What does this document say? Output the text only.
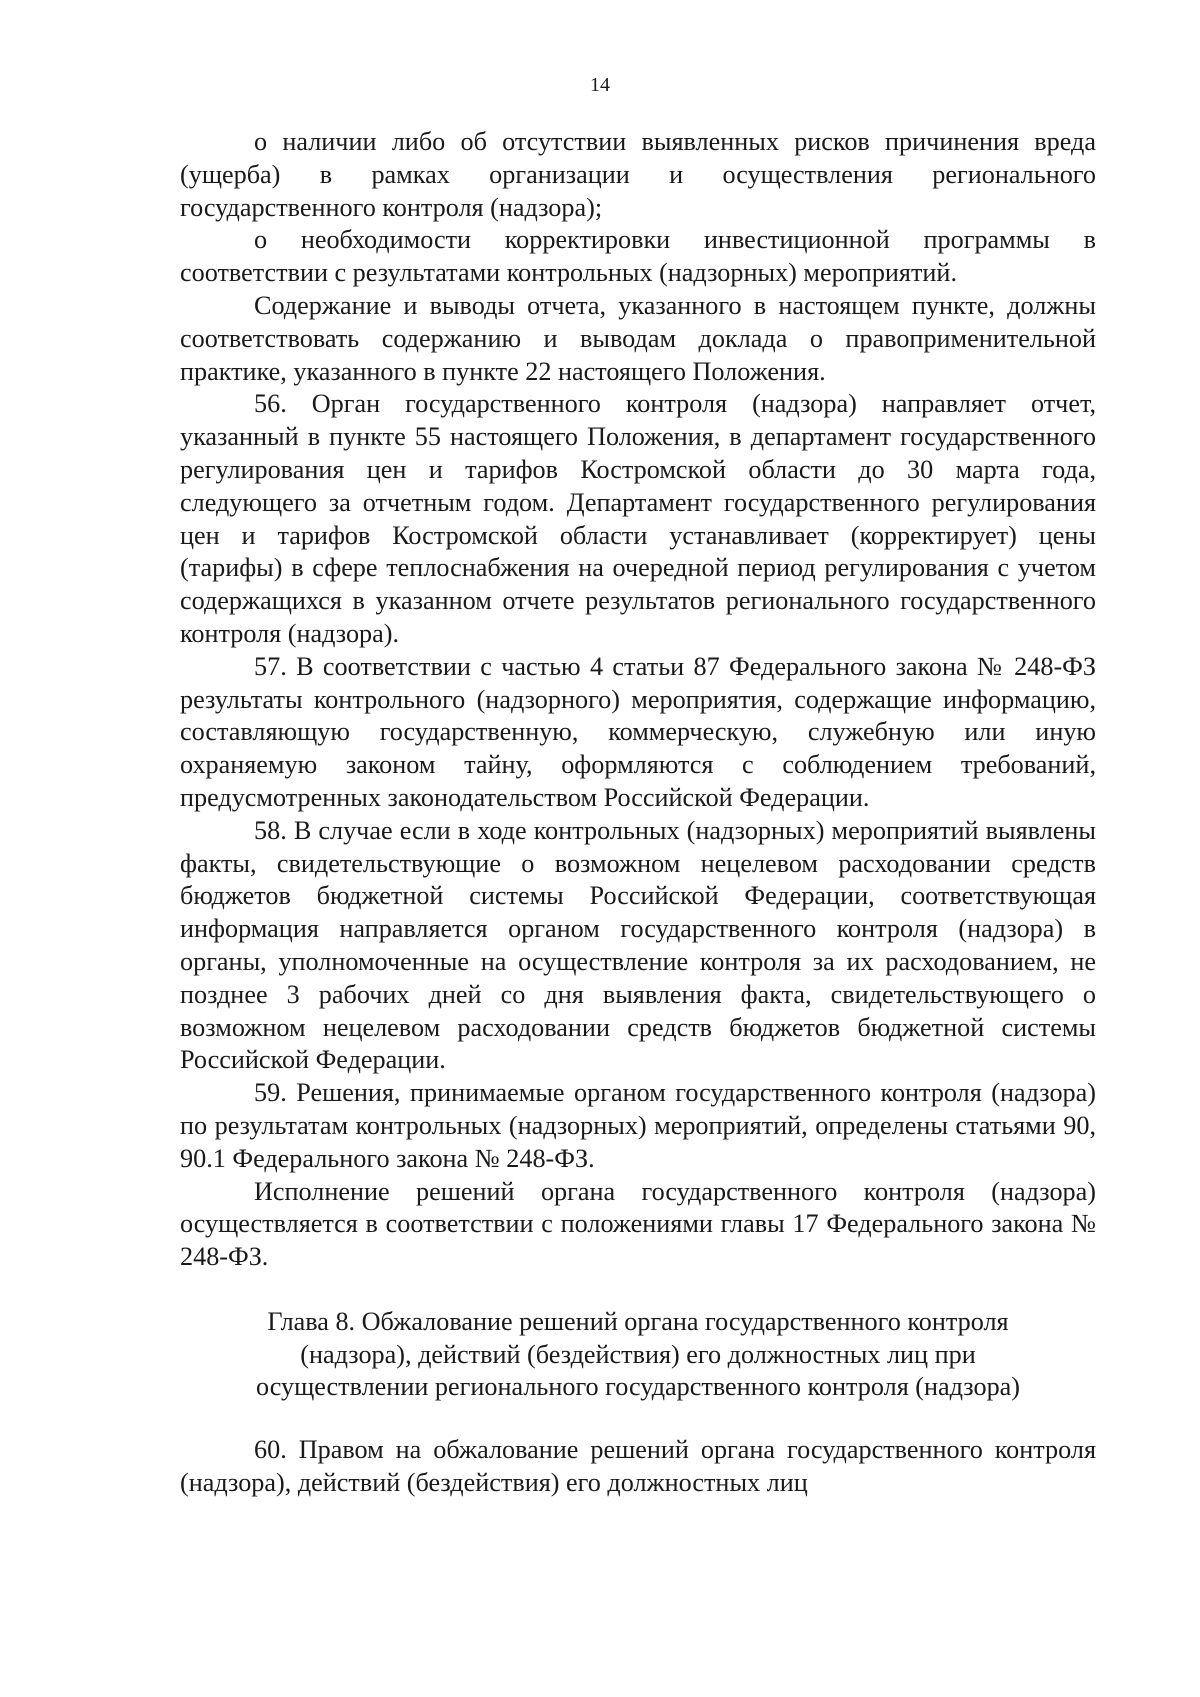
14

о наличии либо об отсутствии выявленных рисков причинения вреда (ущерба) в рамках организации и осуществления регионального государственного контроля (надзора);

о необходимости корректировки инвестиционной программы в соответствии с результатами контрольных (надзорных) мероприятий.

Содержание и выводы отчета, указанного в настоящем пункте, должны соответствовать содержанию и выводам доклада о правоприменительной практике, указанного в пункте 22 настоящего Положения.

56. Орган государственного контроля (надзора) направляет отчет, указанный в пункте 55 настоящего Положения, в департамент государственного регулирования цен и тарифов Костромской области до 30 марта года, следующего за отчетным годом. Департамент государственного регулирования цен и тарифов Костромской области устанавливает (корректирует) цены (тарифы) в сфере теплоснабжения на очередной период регулирования с учетом содержащихся в указанном отчете результатов регионального государственного контроля (надзора).

57. В соответствии с частью 4 статьи 87 Федерального закона № 248-ФЗ результаты контрольного (надзорного) мероприятия, содержащие информацию, составляющую государственную, коммерческую, служебную или иную охраняемую законом тайну, оформляются с соблюдением требований, предусмотренных законодательством Российской Федерации.

58. В случае если в ходе контрольных (надзорных) мероприятий выявлены факты, свидетельствующие о возможном нецелевом расходовании средств бюджетов бюджетной системы Российской Федерации, соответствующая информация направляется органом государственного контроля (надзора) в органы, уполномоченные на осуществление контроля за их расходованием, не позднее 3 рабочих дней со дня выявления факта, свидетельствующего о возможном нецелевом расходовании средств бюджетов бюджетной системы Российской Федерации.

59. Решения, принимаемые органом государственного контроля (надзора) по результатам контрольных (надзорных) мероприятий, определены статьями 90, 90.1 Федерального закона № 248-ФЗ.

Исполнение решений органа государственного контроля (надзора) осуществляется в соответствии с положениями главы 17 Федерального закона № 248-ФЗ.

Глава 8. Обжалование решений органа государственного контроля (надзора), действий (бездействия) его должностных лиц при осуществлении регионального государственного контроля (надзора)

60. Правом на обжалование решений органа государственного контроля (надзора), действий (бездействия) его должностных лиц
